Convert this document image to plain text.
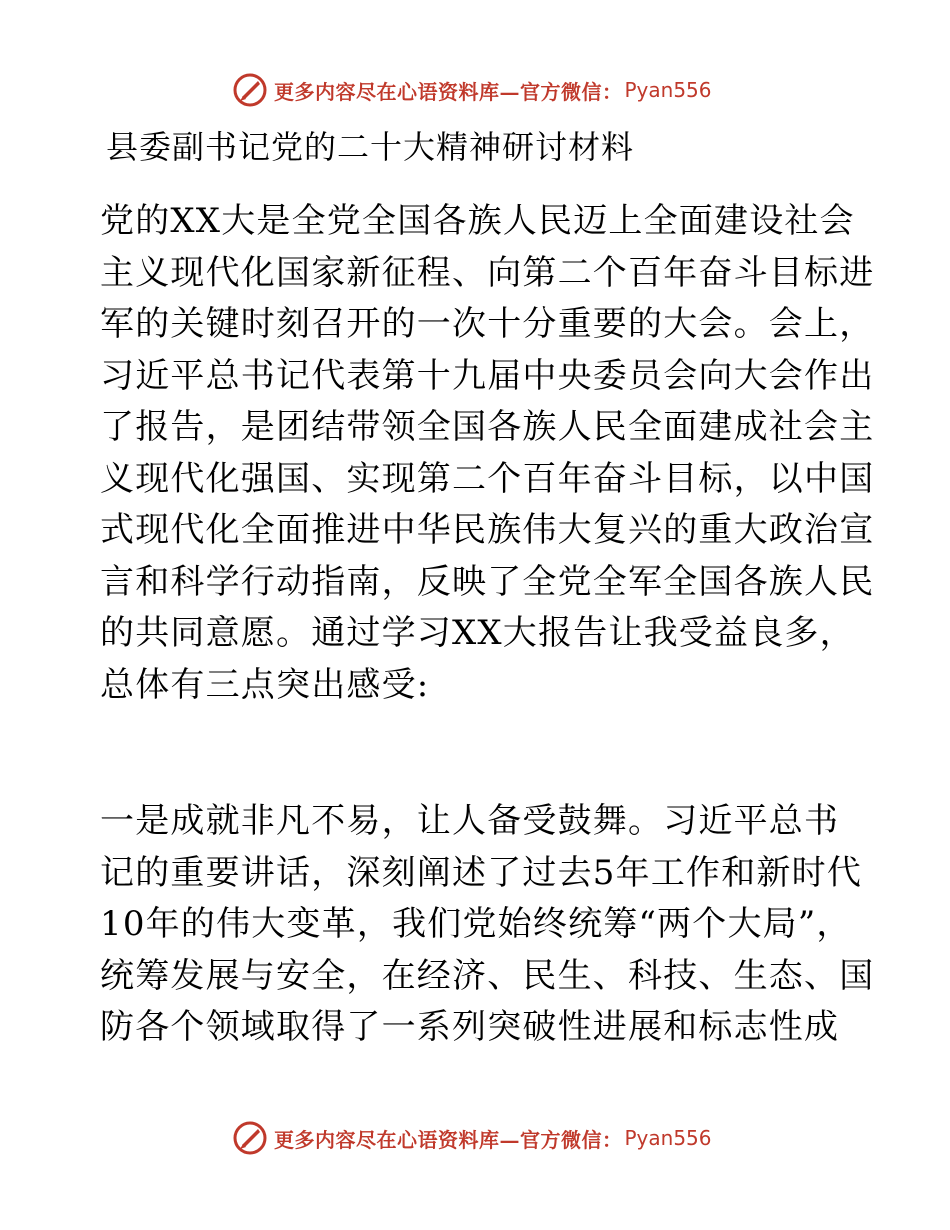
更多内容尽在心语资料库—官方微信： Pyan556
县委副书记党的二十大精神研讨材料
党的XX大是全党全国各族人民迈上全面建设社会
主义现代化国家新征程、向第二个百年奋斗目标进
军的关键时刻召开的一次十分重要的大会。会上，
习近平总书记代表第十九届中央委员会向大会作出
了报告，是团结带领全国各族人民全面建成社会主
义现代化强国、实现第二个百年奋斗目标，以中国
式现代化全面推进中华民族伟大复兴的重大政治宣
言和科学行动指南，反映了全党全军全国各族人民
的共同意愿。通过学习XX大报告让我受益良多，
总体有三点突出感受:
一是成就非凡不易，让人备受鼓舞。习近平总书
记的重要讲话，深刻阐述了过去5年工作和新时代
10年的伟大变革，我们党始终统筹“两个大局”，
统筹发展与安全，在经济、民生、科技、生态、国
防各个领域取得了一系列突破性进展和标志性成
更多内容尽在心语资料库—官方微信： Pyan556
